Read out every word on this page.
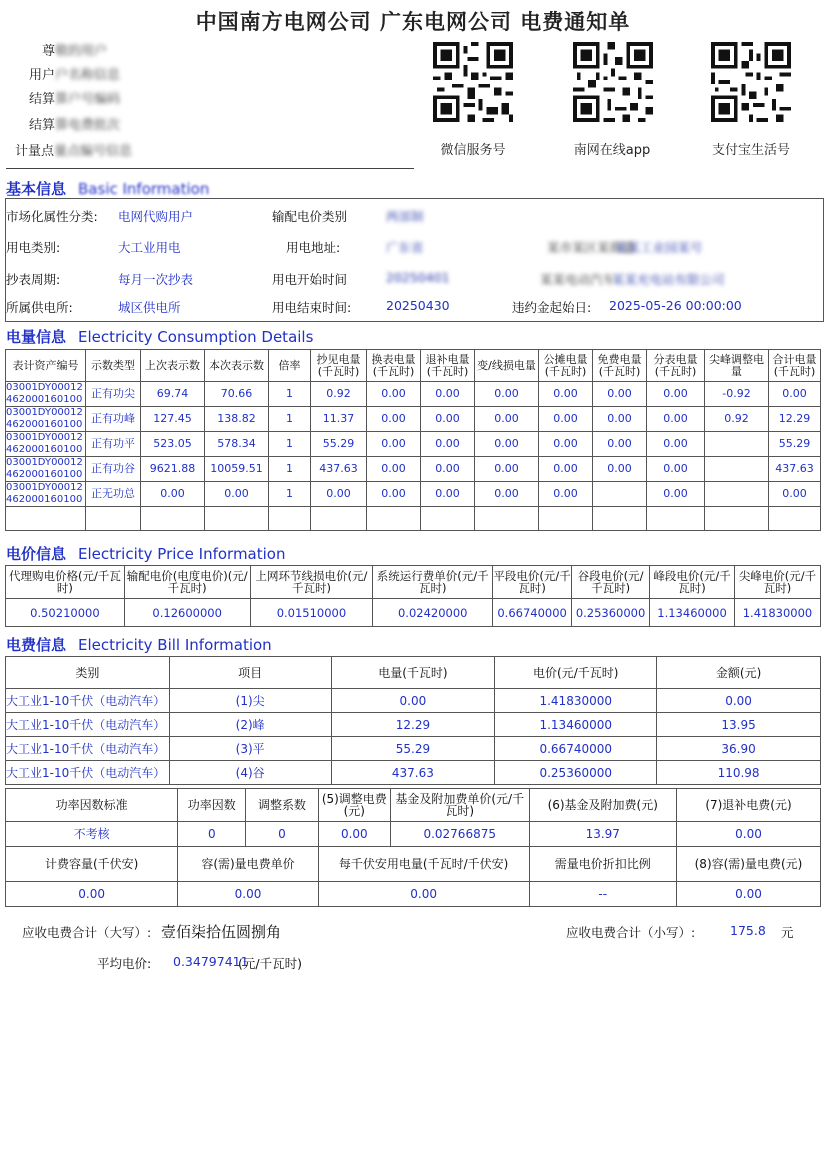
中国南方电网公司 广东电网公司 电费通知单
尊敬的用户
用户户名称信息
结算算户号编码
结算算电费批次
计量点量点编号信息	微信服务号	南网在线app	支付宝生活号
基本信息 Basic Information
市场化属性分类: 电网代购用户	输配电价类别	两部制
用电类别:	大工业用电	用电地址:	广东省	某市某区某街道
某某工业园某号
抄表周期:	每月一次抄表	用电开始时间	20250401	某某电动汽车
某某充电站有限公司
所属供电所:	城区供电所	用电结束时间:	20250430	违约金起始日: 2025-05-26 00:00:00
电量信息 Electricity Consumption Details
表计资产编号	示数类型	上次表示数	本次表示数	倍率	抄见电量(千瓦时)	换表电量(千瓦时)	退补电量(千瓦时)	变/线损电量	公摊电量(千瓦时)	免费电量(千瓦时)	分表电量(千瓦时)	尖峰调整电量	合计电量(千瓦时)
03001DY00012462000160100	正有功尖	69.74	70.66	1	0.92	0.00	0.00	0.00	0.00	0.00	0.00	-0.92	0.00
03001DY00012462000160100	正有功峰	127.45	138.82	1	11.37	0.00	0.00	0.00	0.00	0.00	0.00	0.92	12.29
03001DY00012462000160100	正有功平	523.05	578.34	1	55.29	0.00	0.00	0.00	0.00	0.00	0.00		55.29
03001DY00012462000160100	正有功谷	9621.88	10059.51	1	437.63	0.00	0.00	0.00	0.00	0.00	0.00		437.63
03001DY00012462000160100	正无功总	0.00	0.00	1	0.00	0.00	0.00	0.00	0.00		0.00		0.00

电价信息 Electricity Price Information
代理购电价格(元/千瓦时)	输配电价(电度电价)(元/千瓦时)	上网环节线损电价(元/千瓦时)	系统运行费单价(元/千瓦时)	平段电价(元/千瓦时)	谷段电价(元/千瓦时)	峰段电价(元/千瓦时)	尖峰电价(元/千瓦时)
0.50210000	0.12600000	0.01510000	0.02420000	0.66740000	0.25360000	1.13460000	1.41830000
电费信息 Electricity Bill Information
类别	项目	电量(千瓦时)	电价(元/千瓦时)	金额(元)
大工业1-10千伏（电动汽车）	(1)尖	0.00	1.41830000	0.00
大工业1-10千伏（电动汽车）	(2)峰	12.29	1.13460000	13.95
大工业1-10千伏（电动汽车）	(3)平	55.29	0.66740000	36.90
大工业1-10千伏（电动汽车）	(4)谷	437.63	0.25360000	110.98
功率因数标准	功率因数	调整系数	(5)调整电费(元)	基金及附加费单价(元/千瓦时)	(6)基金及附加费(元)	(7)退补电费(元)
不考核	0	0	0.00	0.02766875	13.97	0.00
计费容量(千伏安)	容(需)量电费单价		每千伏安用电量(千瓦时/千伏安)		需量电价折扣比例	(8)容(需)量电费(元)
0.00	0.00		0.00		--	0.00
应收电费合计（大写）: 壹佰柒拾伍圆捌角	应收电费合计（小写）:	175.8 元
平均电价: 0.34797411
(元/千瓦时)
